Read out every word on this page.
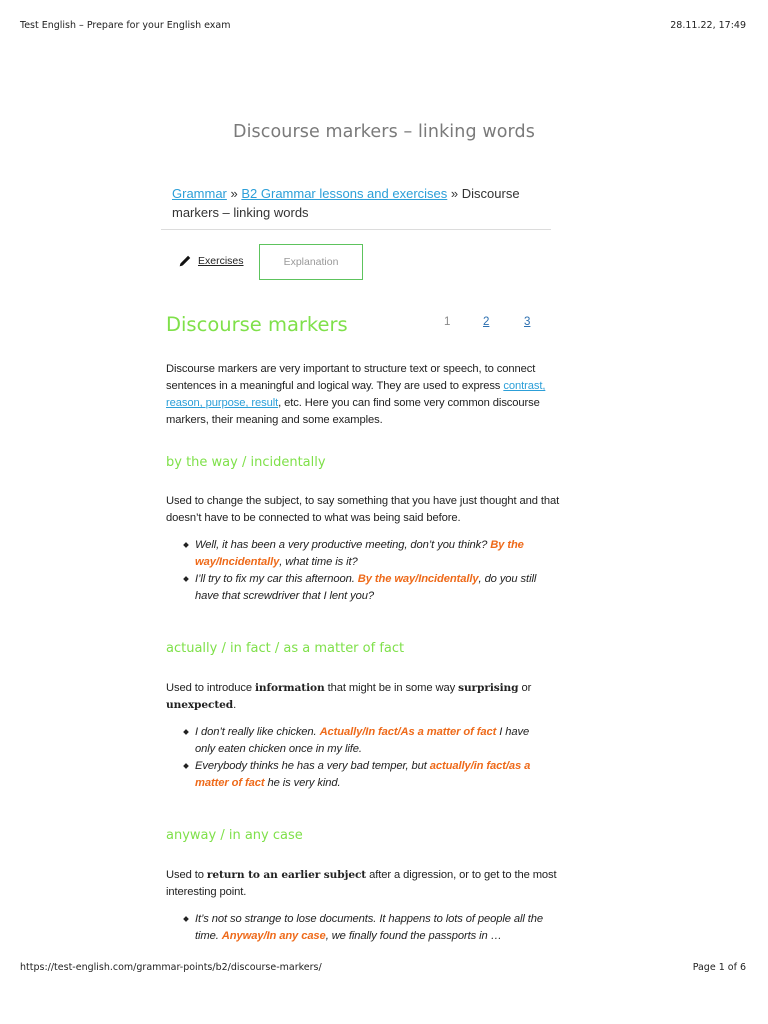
Test English – Prepare for your English exam	28.11.22, 17:49
Discourse markers – linking words
Grammar » B2 Grammar lessons and exercises » Discourse markers – linking words
Exercises	Explanation
Discourse markers	1	2	3

Discourse markers are very important to structure text or speech, to connect sentences in a meaningful and logical way. They are used to express contrast, reason, purpose, result, etc. Here you can find some very common discourse markers, their meaning and some examples.

by the way / incidentally

Used to change the subject, to say something that you have just thought and that doesn’t have to be connected to what was being said before.

Well, it has been a very productive meeting, don’t you think? By the way/Incidentally, what time is it?
I’ll try to fix my car this afternoon. By the way/Incidentally, do you still have that screwdriver that I lent you?
actually / in fact / as a matter of fact

Used to introduce information that might be in some way surprising or unexpected.

I don’t really like chicken. Actually/In fact/As a matter of fact I have only eaten chicken once in my life.
Everybody thinks he has a very bad temper, but actually/in fact/as a matter of fact he is very kind.
anyway / in any case

Used to return to an earlier subject after a digression, or to get to the most interesting point.

It’s not so strange to lose documents. It happens to lots of people all the time. Anyway/In any case, we finally found the passports in …
https://test-english.com/grammar-points/b2/discourse-markers/	Page 1 of 6
